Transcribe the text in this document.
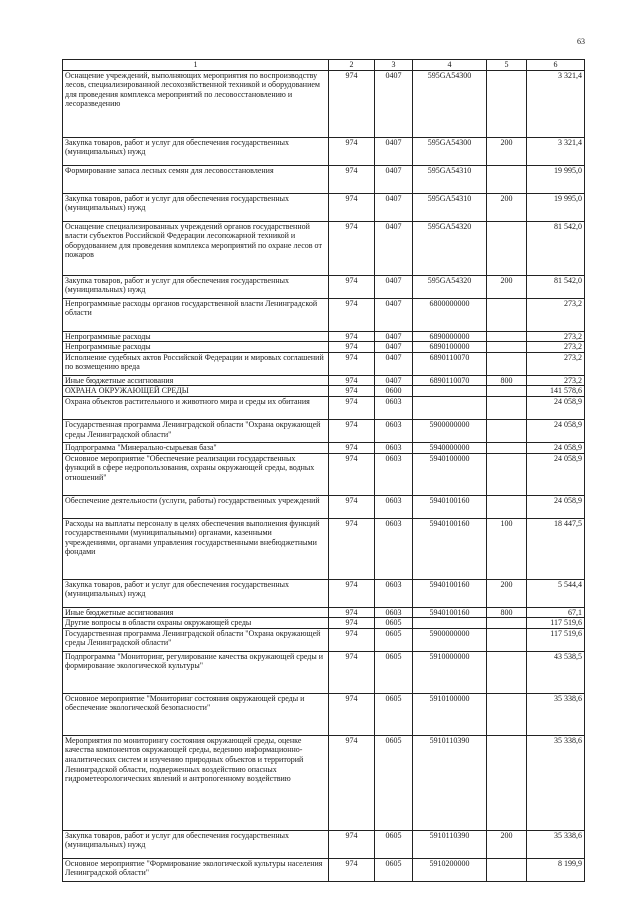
63
1	2	3	4	5	6
Оснащение учреждений, выполняющих мероприятия по воспроизводству лесов, специализированной лесохозяйственной техникой и оборудованием для проведения комплекса мероприятий по лесовосстановлению и лесоразведению	974	0407	595GA54300		3 321,4
Закупка товаров, работ и услуг для обеспечения государственных (муниципальных) нужд	974	0407	595GA54300	200	3 321,4
Формирование запаса лесных семян для лесовосстановления	974	0407	595GA54310		19 995,0
Закупка товаров, работ и услуг для обеспечения государственных (муниципальных) нужд	974	0407	595GA54310	200	19 995,0
Оснащение специализированных учреждений органов государственной власти субъектов Российской Федерации лесопожарной техникой и оборудованием для проведения комплекса мероприятий по охране лесов от пожаров	974	0407	595GA54320		81 542,0
Закупка товаров, работ и услуг для обеспечения государственных (муниципальных) нужд	974	0407	595GA54320	200	81 542,0
Непрограммные расходы органов государственной власти Ленинградской области	974	0407	6800000000		273,2
Непрограммные расходы	974	0407	6890000000		273,2
Непрограммные расходы	974	0407	6890100000		273,2
Исполнение судебных актов Российской Федерации и мировых соглашений по возмещению вреда	974	0407	6890110070		273,2
Иные бюджетные ассигнования	974	0407	6890110070	800	273,2
ОХРАНА ОКРУЖАЮЩЕЙ СРЕДЫ	974	0600			141 578,6
Охрана объектов растительного и животного мира и среды их обитания	974	0603			24 058,9
Государственная программа Ленинградской области "Охрана окружающей среды Ленинградской области"	974	0603	5900000000		24 058,9
Подпрограмма "Минерально-сырьевая база"	974	0603	5940000000		24 058,9
Основное мероприятие "Обеспечение реализации государственных функций в сфере недропользования, охраны окружающей среды, водных отношений"	974	0603	5940100000		24 058,9
Обеспечение деятельности (услуги, работы) государственных учреждений	974	0603	5940100160		24 058,9
Расходы на выплаты персоналу в целях обеспечения выполнения функций государственными (муниципальными) органами, казенными учреждениями, органами управления государственными внебюджетными фондами	974	0603	5940100160	100	18 447,5
Закупка товаров, работ и услуг для обеспечения государственных (муниципальных) нужд	974	0603	5940100160	200	5 544,4
Иные бюджетные ассигнования	974	0603	5940100160	800	67,1
Другие вопросы в области охраны окружающей среды	974	0605			117 519,6
Государственная программа Ленинградской области "Охрана окружающей среды Ленинградской области"	974	0605	5900000000		117 519,6
Подпрограмма "Мониторинг, регулирование качества окружающей среды и формирование экологической культуры"	974	0605	5910000000		43 538,5
Основное мероприятие "Мониторинг состояния окружающей среды и обеспечение экологической безопасности"	974	0605	5910100000		35 338,6
Мероприятия по мониторингу состояния окружающей среды, оценке качества компонентов окружающей среды, ведению информационно-аналитических систем и изучению природных объектов и территорий Ленинградской области, подверженных воздействию опасных гидрометеорологических явлений и антропогенному воздействию	974	0605	5910110390		35 338,6
Закупка товаров, работ и услуг для обеспечения государственных (муниципальных) нужд	974	0605	5910110390	200	35 338,6
Основное мероприятие "Формирование экологической культуры населения Ленинградской области"	974	0605	5910200000		8 199,9
